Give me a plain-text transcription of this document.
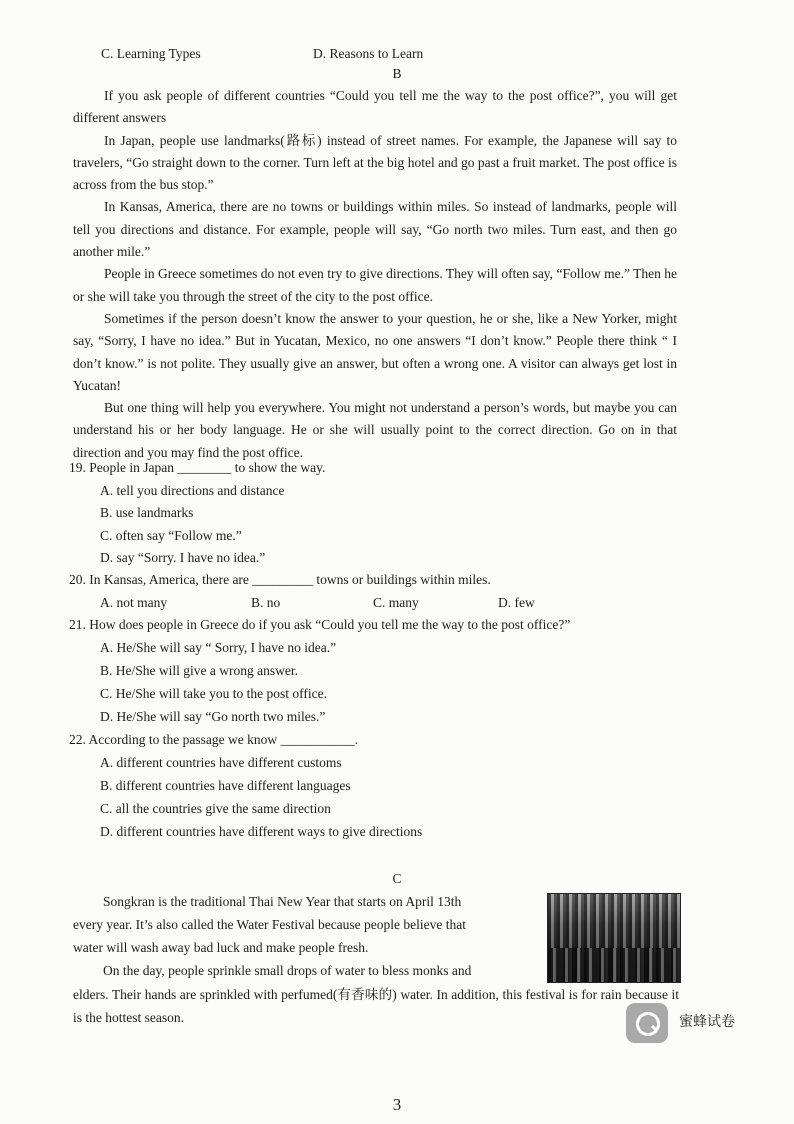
C. Learning Types	D. Reasons to Learn
B

If you ask people of different countries “Could you tell me the way to the post office?”, you will get different answers

In Japan, people use landmarks(路标) instead of street names. For example, the Japanese will say to travelers, “Go straight down to the corner. Turn left at the big hotel and go past a fruit market. The post office is across from the bus stop.”

In Kansas, America, there are no towns or buildings within miles. So instead of landmarks, people will tell you directions and distance. For example, people will say, “Go north two miles. Turn east, and then go another mile.”

People in Greece sometimes do not even try to give directions. They will often say, “Follow me.” Then he or she will take you through the street of the city to the post office.

Sometimes if the person doesn’t know the answer to your question, he or she, like a New Yorker, might say, “Sorry, I have no idea.” But in Yucatan, Mexico, no one answers “I don’t know.” People there think “ I don’t know.” is not polite. They usually give an answer, but often a wrong one. A visitor can always get lost in Yucatan!

But one thing will help you everywhere. You might not understand a person’s words, but maybe you can understand his or her body language. He or she will usually point to the correct direction. Go on in that direction and you may find the post office.

19. People in Japan ________ to show the way.
A. tell you directions and distance
B. use landmarks
C. often say “Follow me.”
D. say “Sorry. I have no idea.”
20. In Kansas, America, there are _________ towns or buildings within miles.
A. not many	B. no	C. many	D. few
21. How does people in Greece do if you ask “Could you tell me the way to the post office?”
A. He/She will say “ Sorry, I have no idea.”
B. He/She will give a wrong answer.
C. He/She will take you to the post office.
D. He/She will say “Go north two miles.”
22. According to the passage we know ___________.
A. different countries have different customs
B. different countries have different languages
C. all the countries give the same direction
D. different countries have different ways to give directions
C
Songkran is the traditional Thai New Year that starts on April 13th
every year. It’s also called the Water Festival because people believe that
water will wash away bad luck and make people fresh.
On the day, people sprinkle small drops of water to bless monks and

elders. Their hands are sprinkled with perfumed(有香味的) water. In addition, this festival is for rain because it is the hottest season.	蜜蜂试卷
3
